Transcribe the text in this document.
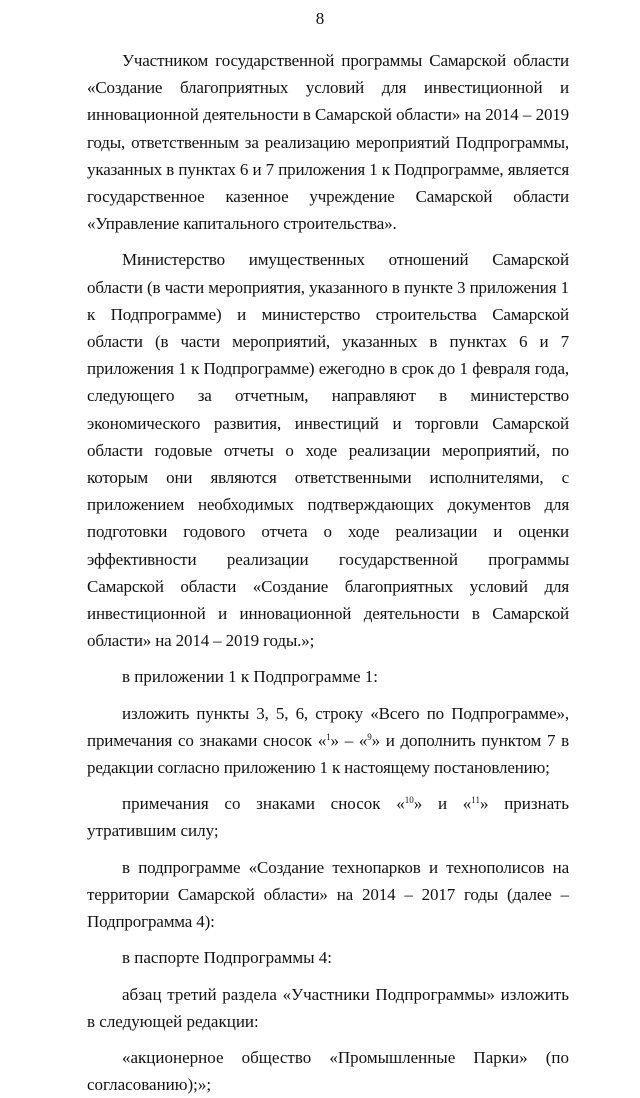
8

Участником государственной программы Самарской области «Создание благоприятных условий для инвестиционной и инновационной деятельности в Самарской области» на 2014 – 2019 годы, ответственным за реализацию мероприятий Подпрограммы, указанных в пунктах 6 и 7 приложения 1 к Подпрограмме, является государственное казенное учреждение Самарской области «Управление капитального строительства».

Министерство имущественных отношений Самарской области (в части мероприятия, указанного в пункте 3 приложения 1 к Подпрограмме) и министерство строительства Самарской области (в части мероприятий, указанных в пунктах 6 и 7 приложения 1 к Подпрограмме) ежегодно в срок до 1 февраля года, следующего за отчетным, направляют в министерство экономического развития, инвестиций и торговли Самарской области годовые отчеты о ходе реализации мероприятий, по которым они являются ответственными исполнителями, с приложением необходимых подтверждающих документов для подготовки годового отчета о ходе реализации и оценки эффективности реализации государственной программы Самарской области «Создание благоприятных условий для инвестиционной и инновационной деятельности в Самарской области» на 2014 – 2019 годы.»;

в приложении 1 к Подпрограмме 1:

изложить пункты 3, 5, 6, строку «Всего по Подпрограмме», примечания со знаками сносок «$^1$» – «$^9$» и дополнить пунктом 7 в редакции согласно приложению 1 к настоящему постановлению;

примечания со знаками сносок «$^{10}$» и «$^{11}$» признать утратившим силу;

в подпрограмме «Создание технопарков и технополисов на территории Самарской области» на 2014 – 2017 годы (далее – Подпрограмма 4):

в паспорте Подпрограммы 4:

абзац третий раздела «Участники Подпрограммы» изложить в следующей редакции:

«акционерное общество «Промышленные Парки» (по согласованию);»;
